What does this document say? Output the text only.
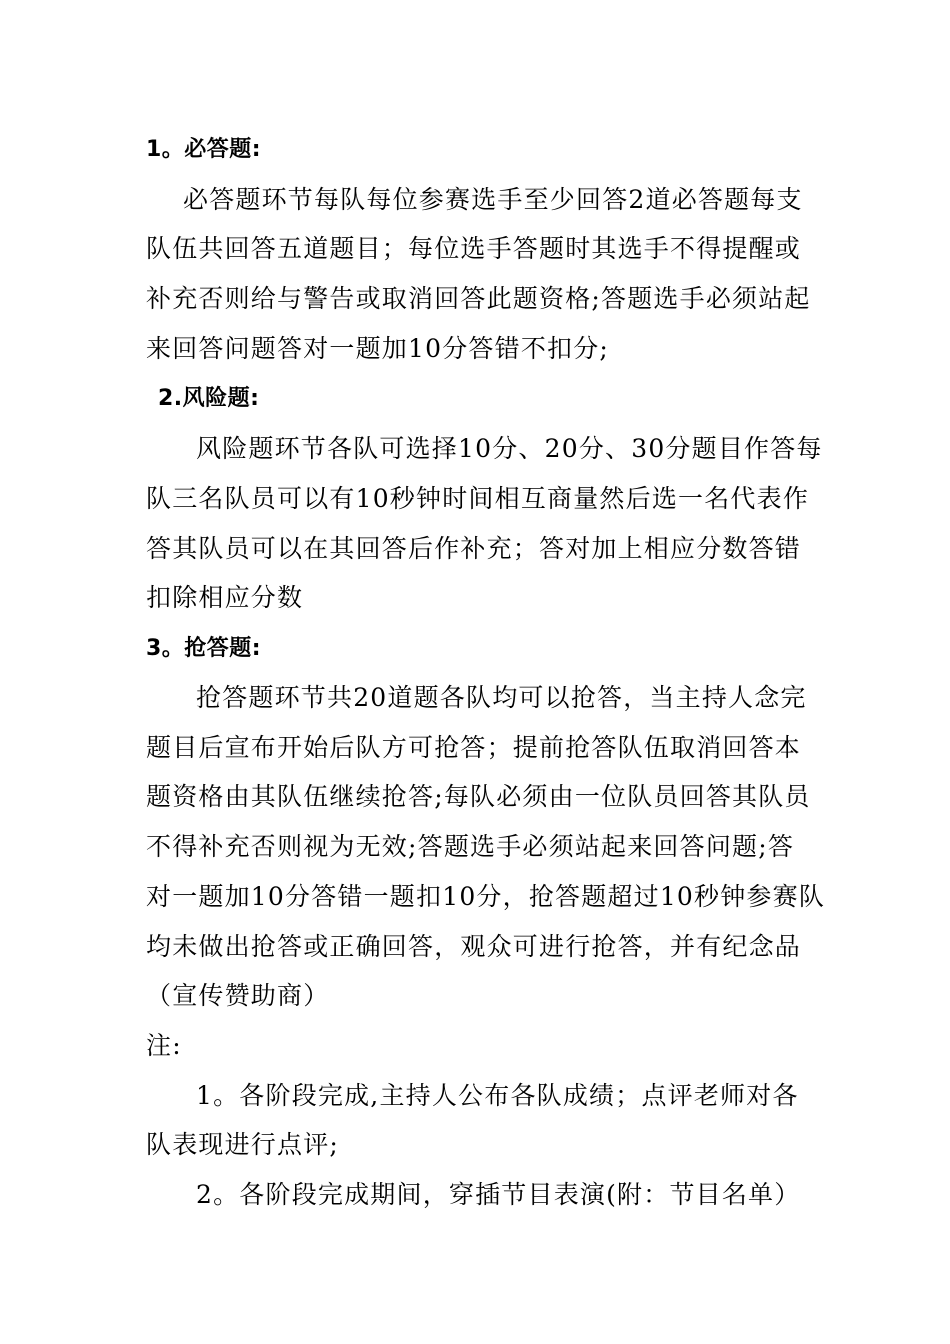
1。必答题:
必答题环节每队每位参赛选手至少回答2道必答题每支
队伍共回答五道题目；每位选手答题时其选手不得提醒或
补充否则给与警告或取消回答此题资格;答题选手必须站起
来回答问题答对一题加10分答错不扣分;
2.风险题:
风险题环节各队可选择10分、20分、30分题目作答每
队三名队员可以有10秒钟时间相互商量然后选一名代表作
答其队员可以在其回答后作补充；答对加上相应分数答错
扣除相应分数
3。抢答题:
抢答题环节共20道题各队均可以抢答，当主持人念完
题目后宣布开始后队方可抢答；提前抢答队伍取消回答本
题资格由其队伍继续抢答;每队必须由一位队员回答其队员
不得补充否则视为无效;答题选手必须站起来回答问题;答
对一题加10分答错一题扣10分，抢答题超过10秒钟参赛队
均未做出抢答或正确回答，观众可进行抢答，并有纪念品
（宣传赞助商）
注:
1。各阶段完成,主持人公布各队成绩；点评老师对各
队表现进行点评;
2。各阶段完成期间，穿插节目表演(附：节目名单）
